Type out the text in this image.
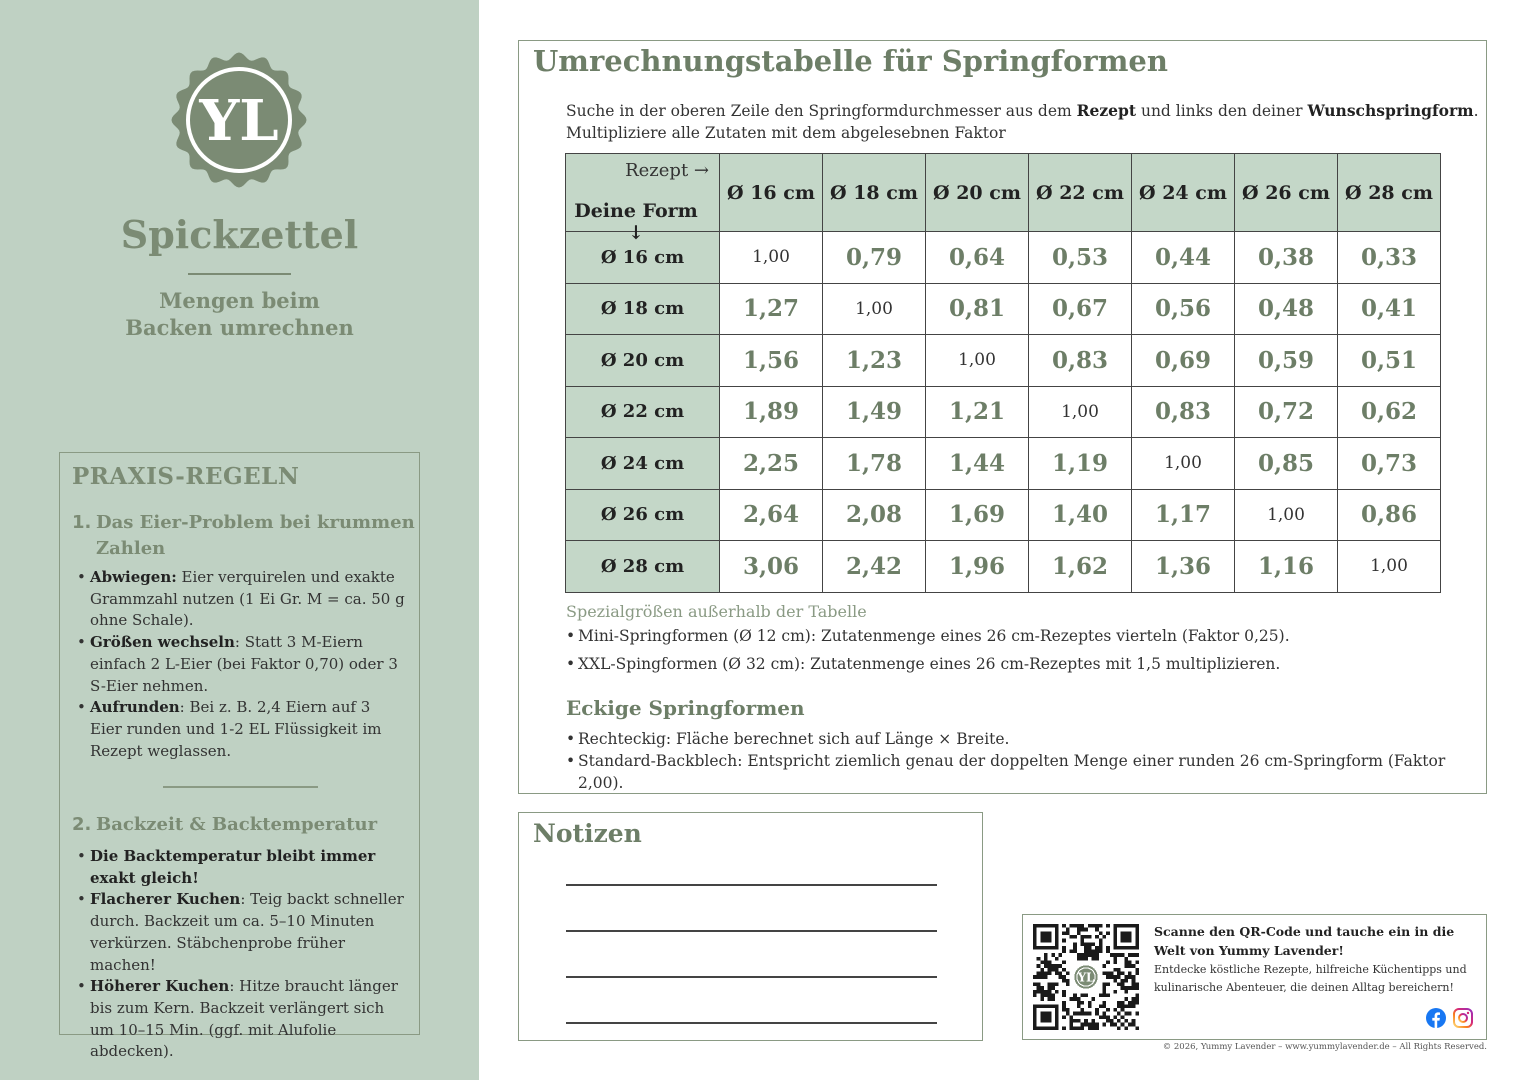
YL
Spickzettel
Mengen beim
Backen umrechnen
PRAXIS-REGELN
1. Das Eier-Problem bei krummen Zahlen
• Abwiegen: Eier verquirelen und exakte Grammzahl nutzen (1 Ei Gr. M = ca. 50 g ohne Schale).
• Größen wechseln: Statt 3 M-Eiern einfach 2 L-Eier (bei Faktor 0,70) oder 3 S-Eier nehmen.
• Aufrunden: Bei z. B. 2,4 Eiern auf 3 Eier runden und 1-2 EL Flüssigkeit im Rezept weglassen.
2. Backzeit & Backtemperatur
• Die Backtemperatur bleibt immer exakt gleich!
• Flacherer Kuchen: Teig backt schneller durch. Backzeit um ca. 5–10 Minuten verkürzen. Stäbchenprobe früher machen!
• Höherer Kuchen: Hitze braucht länger bis zum Kern. Backzeit verlängert sich um 10–15 Min. (ggf. mit Alufolie abdecken).
Umrechnungstabelle für Springformen
Suche in der oberen Zeile den Springformdurchmesser aus dem Rezept und links den deiner Wunschspringform.
Multipliziere alle Zutaten mit dem abgelesebnen Faktor
Rezept →
Deine Form ↓	Ø 16 cm	Ø 18 cm	Ø 20 cm	Ø 22 cm	Ø 24 cm	Ø 26 cm	Ø 28 cm
Ø 16 cm	1,00	0,79	0,64	0,53	0,44	0,38	0,33
Ø 18 cm	1,27	1,00	0,81	0,67	0,56	0,48	0,41
Ø 20 cm	1,56	1,23	1,00	0,83	0,69	0,59	0,51
Ø 22 cm	1,89	1,49	1,21	1,00	0,83	0,72	0,62
Ø 24 cm	2,25	1,78	1,44	1,19	1,00	0,85	0,73
Ø 26 cm	2,64	2,08	1,69	1,40	1,17	1,00	0,86
Ø 28 cm	3,06	2,42	1,96	1,62	1,36	1,16	1,00
Spezialgrößen außerhalb der Tabelle
• Mini-Springformen (Ø 12 cm): Zutatenmenge eines 26 cm-Rezeptes vierteln (Faktor 0,25).
• XXL-Spingformen (Ø 32 cm): Zutatenmenge eines 26 cm-Rezeptes mit 1,5 multiplizieren.
Eckige Springformen
• Rechteckig: Fläche berechnet sich auf Länge × Breite.
• Standard-Backblech: Entspricht ziemlich genau der doppelten Menge einer runden 26 cm-Springform (Faktor 2,00).
Notizen
YL
Scanne den QR-Code und tauche ein in die Welt von Yummy Lavender!
Entdecke köstliche Rezepte, hilfreiche Küchentipps und kulinarische Abenteuer, die deinen Alltag bereichern!
© 2026, Yummy Lavender – www.yummylavender.de – All Rights Reserved.
